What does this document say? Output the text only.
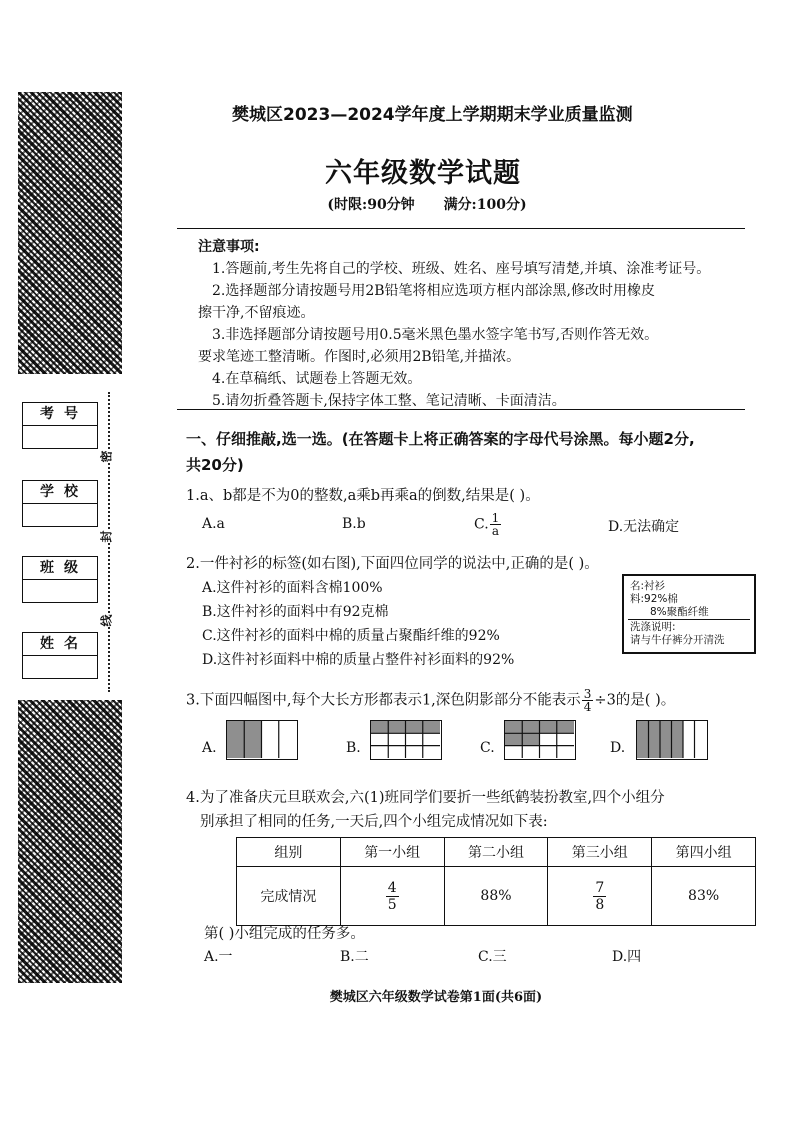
考号
学校
班级
姓名
密
封
线
樊城区2023—2024学年度上学期期末学业质量监测
六年级数学试题
(时限:90分钟 满分:100分)
注意事项:

1.答题前,考生先将自己的学校、班级、姓名、座号填写清楚,并填、涂准考证号。

2.选择题部分请按题号用2B铅笔将相应选项方框内部涂黑,修改时用橡皮

擦干净,不留痕迹。

3.非选择题部分请按题号用0.5毫米黑色墨水签字笔书写,否则作答无效。

要求笔迹工整清晰。作图时,必须用2B铅笔,并描浓。

4.在草稿纸、试题卷上答题无效。

5.请勿折叠答题卡,保持字体工整、笔记清晰、卡面清洁。

一、仔细推敲,选一选。(在答题卡上将正确答案的字母代号涂黑。每小题2分,
共20分)
1.a、b都是不为0的整数,a乘b再乘a的倒数,结果是( )。
A.a	B.b	C. $\frac{1}{a}$	D.无法确定
2.一件衬衫的标签(如右图),下面四位同学的说法中,正确的是( )。
A.这件衬衫的面料含棉100%
B.这件衬衫的面料中有92克棉
C.这件衬衫的面料中棉的质量占聚酯纤维的92%
D.这件衬衫面料中棉的质量占整件衬衫面料的92%
名:衬衫
料:92%棉
8%聚酯纤维
洗涤说明:
请与牛仔裤分开清洗
3.下面四幅图中,每个大长方形都表示1,深色阴影部分不能表示 $\frac{3}{4} \div 3$的是( )。
A.	B.	C.	D.
4.为了准备庆元旦联欢会,六(1)班同学们要折一些纸鹤装扮教室,四个小组分
别承担了相同的任务,一天后,四个小组完成情况如下表:
组别	第一小组	第二小组	第三小组	第四小组
完成情况	$\frac{4}{5}$	88%	$\frac{7}{8}$	83%
第( )小组完成的任务多。
A.一	B.二	C.三	D.四
樊城区六年级数学试卷第1面(共6面)
